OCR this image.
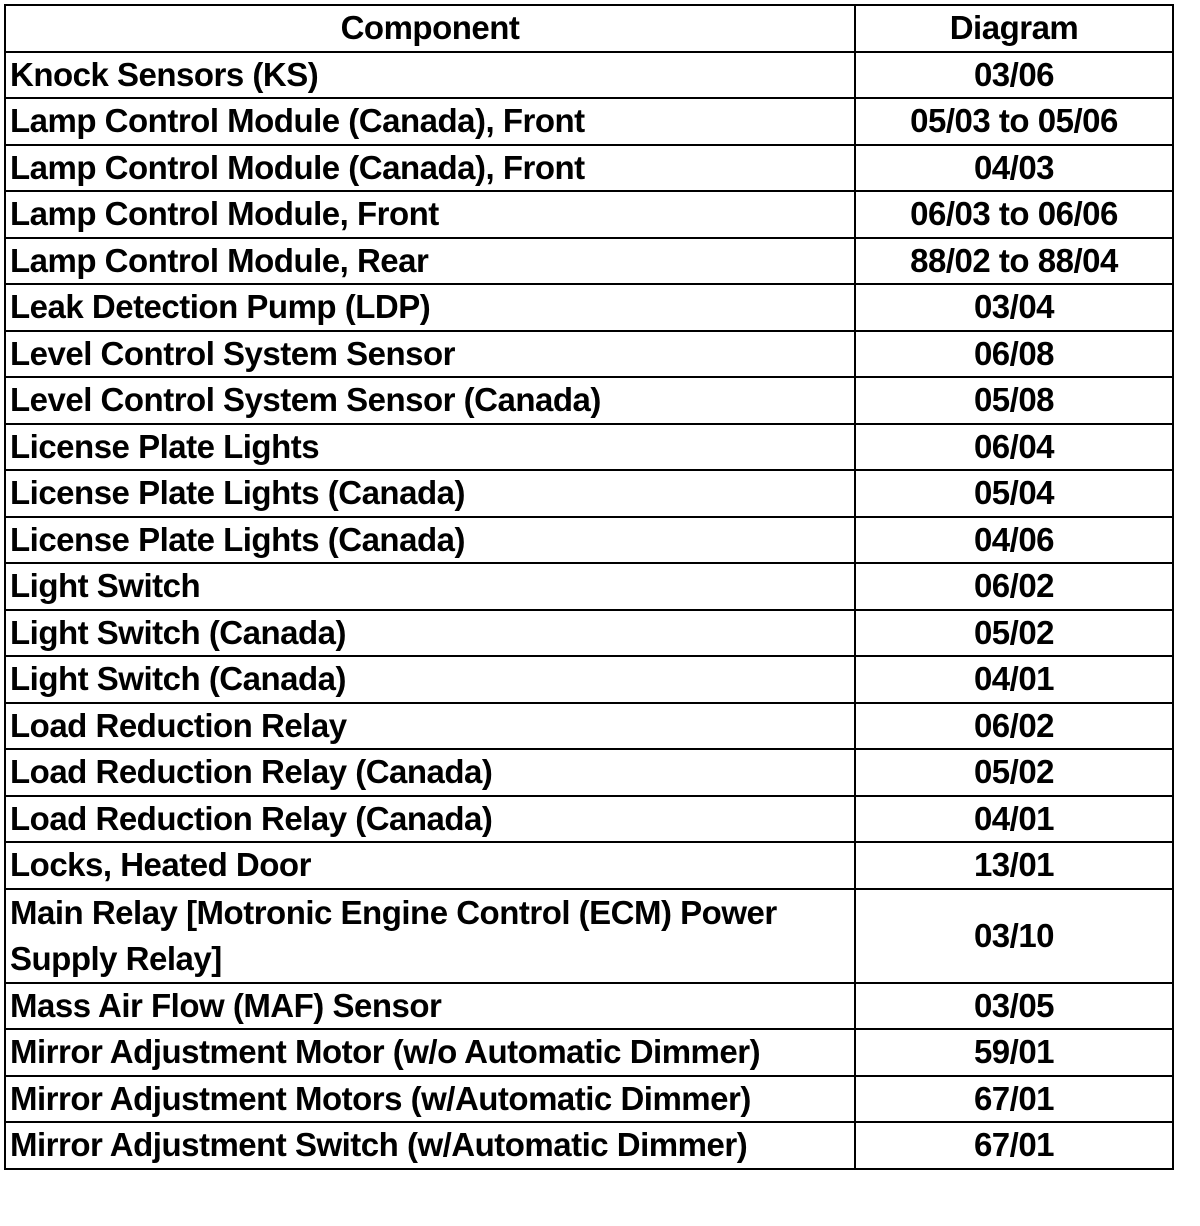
Component	Diagram
Knock Sensors (KS)	03/06
Lamp Control Module (Canada), Front	05/03 to 05/06
Lamp Control Module (Canada), Front	04/03
Lamp Control Module, Front	06/03 to 06/06
Lamp Control Module, Rear	88/02 to 88/04
Leak Detection Pump (LDP)	03/04
Level Control System Sensor	06/08
Level Control System Sensor (Canada)	05/08
License Plate Lights	06/04
License Plate Lights (Canada)	05/04
License Plate Lights (Canada)	04/06
Light Switch	06/02
Light Switch (Canada)	05/02
Light Switch (Canada)	04/01
Load Reduction Relay	06/02
Load Reduction Relay (Canada)	05/02
Load Reduction Relay (Canada)	04/01
Locks, Heated Door	13/01
Main Relay [Motronic Engine Control (ECM) Power Supply Relay]	03/10
Mass Air Flow (MAF) Sensor	03/05
Mirror Adjustment Motor (w/o Automatic Dimmer)	59/01
Mirror Adjustment Motors (w/Automatic Dimmer)	67/01
Mirror Adjustment Switch (w/Automatic Dimmer)	67/01
